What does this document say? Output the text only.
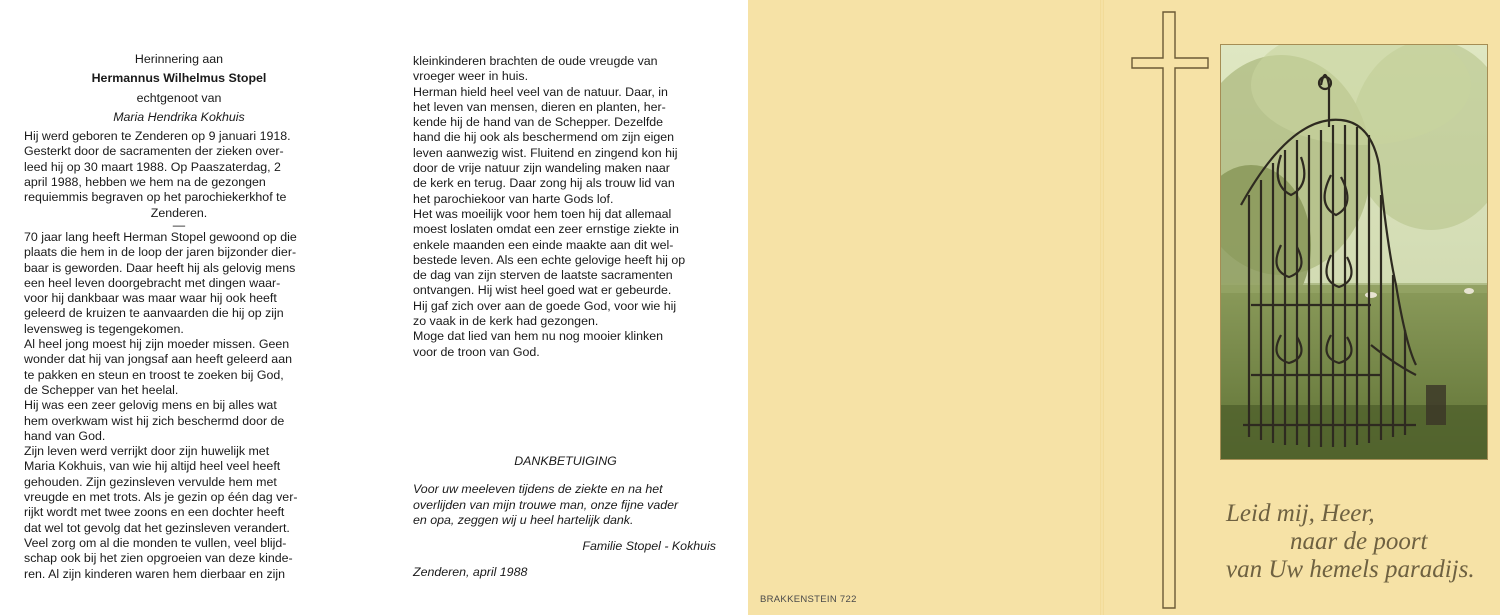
Herinnering aan

Hermannus Wilhelmus Stopel

echtgenoot van

Maria Hendrika Kokhuis

Hij werd geboren te Zenderen op 9 januari 1918.

Gesterkt door de sacramenten der zieken over-

leed hij op 30 maart 1988. Op Paaszaterdag, 2

april 1988, hebben we hem na de gezongen

requiemmis begraven op het parochiekerkhof te

Zenderen.

—

70 jaar lang heeft Herman Stopel gewoond op die

plaats die hem in de loop der jaren bijzonder dier-

baar is geworden. Daar heeft hij als gelovig mens

een heel leven doorgebracht met dingen waar-

voor hij dankbaar was maar waar hij ook heeft

geleerd de kruizen te aanvaarden die hij op zijn

levensweg is tegengekomen.

Al heel jong moest hij zijn moeder missen. Geen

wonder dat hij van jongsaf aan heeft geleerd aan

te pakken en steun en troost te zoeken bij God,

de Schepper van het heelal.

Hij was een zeer gelovig mens en bij alles wat

hem overkwam wist hij zich beschermd door de

hand van God.

Zijn leven werd verrijkt door zijn huwelijk met

Maria Kokhuis, van wie hij altijd heel veel heeft

gehouden. Zijn gezinsleven vervulde hem met

vreugde en met trots. Als je gezin op één dag ver-

rijkt wordt met twee zoons en een dochter heeft

dat wel tot gevolg dat het gezinsleven verandert.

Veel zorg om al die monden te vullen, veel blijd-

schap ook bij het zien opgroeien van deze kinde-

ren. Al zijn kinderen waren hem dierbaar en zijn

kleinkinderen brachten de oude vreugde van

vroeger weer in huis.

Herman hield heel veel van de natuur. Daar, in

het leven van mensen, dieren en planten, her-

kende hij de hand van de Schepper. Dezelfde

hand die hij ook als beschermend om zijn eigen

leven aanwezig wist. Fluitend en zingend kon hij

door de vrije natuur zijn wandeling maken naar

de kerk en terug. Daar zong hij als trouw lid van

het parochiekoor van harte Gods lof.

Het was moeilijk voor hem toen hij dat allemaal

moest loslaten omdat een zeer ernstige ziekte in

enkele maanden een einde maakte aan dit wel-

bestede leven. Als een echte gelovige heeft hij op

de dag van zijn sterven de laatste sacramenten

ontvangen. Hij wist heel goed wat er gebeurde.

Hij gaf zich over aan de goede God, voor wie hij

zo vaak in de kerk had gezongen.

Moge dat lied van hem nu nog mooier klinken

voor de troon van God.

DANKBETUIGING

Voor uw meeleven tijdens de ziekte en na het

overlijden van mijn trouwe man, onze fijne vader

en opa, zeggen wij u heel hartelijk dank.

Familie Stopel - Kokhuis

Zenderen, april 1988

BRAKKENSTEIN 722
Leid mij, Heer,
naar de poort
van Uw hemels paradijs.
